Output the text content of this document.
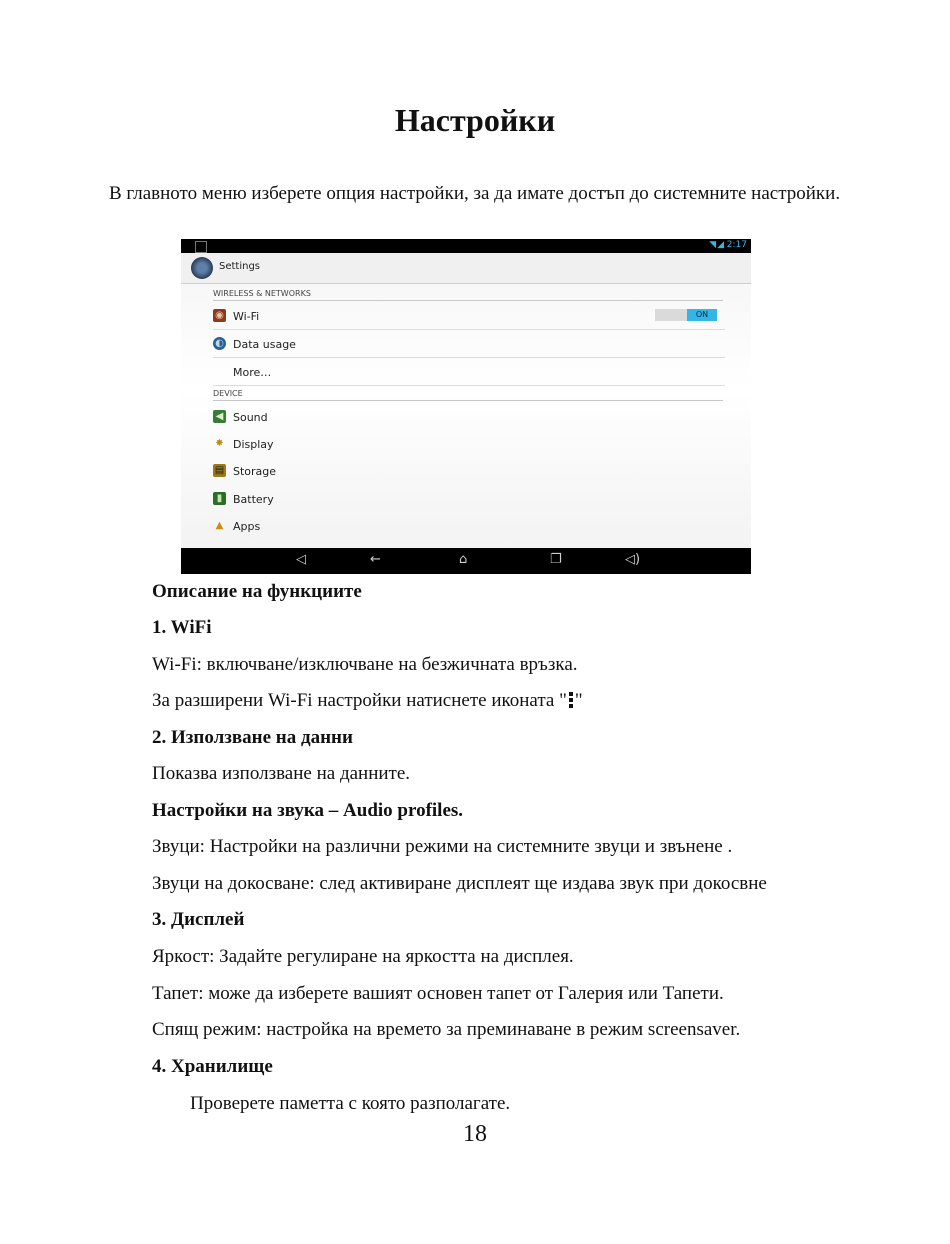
Настройки

В главното меню изберете опция настройки, за да имате достъп до системните настройки.

◥◢ 2:17
Settings
WIRELESS & NETWORKS
◉ Wi-Fi	ON
◐ Data usage
More…
DEVICE
◀ Sound
✸ Display
▤ Storage
▮ Battery
▲ Apps
◁	←	⌂	❐	◁)

Описание на функциите

1. WiFi

Wi-Fi: включване/изключване на безжичната връзка.

За разширени Wi-Fi настройки натиснете иконата " "

2. Използване на данни

Показва използване на данните.

Настройки на звука – Audio profiles.

Звуци: Настройки на различни режими на системните звуци и звънене .

Звуци на докосване: след активиране дисплеят ще издава звук при докосвне

3. Дисплей

Яркост: Задайте регулиране на яркостта на дисплея.

Тапет: може да изберете вашият основен тапет от Галерия или Тапети.

Спящ режим: настройка на времето за преминаване в режим screensaver.

4. Хранилище

Проверете паметта с която разполагате.

18
